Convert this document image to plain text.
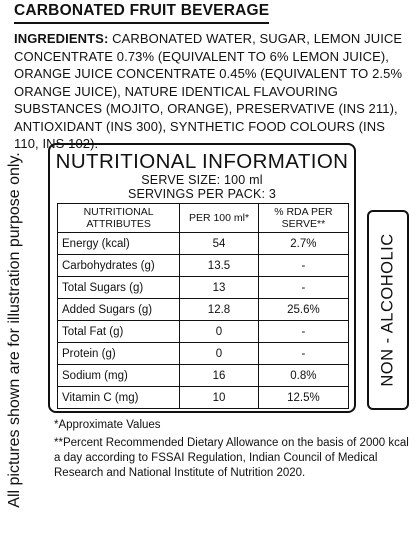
CARBONATED FRUIT BEVERAGE
INGREDIENTS: CARBONATED WATER, SUGAR, LEMON JUICE CONCENTRATE 0.73% (EQUIVALENT TO 6% LEMON JUICE), ORANGE JUICE CONCENTRATE 0.45% (EQUIVALENT TO 2.5% ORANGE JUICE), NATURE IDENTICAL FLAVOURING SUBSTANCES (MOJITO, ORANGE), PRESERVATIVE (INS 211), ANTIOXIDANT (INS 300), SYNTHETIC FOOD COLOURS (INS 110, INS 102).
All pictures shown are for illustration purpose only. NUTRITIONAL INFORMATION
SERVE SIZE: 100 ml
SERVINGS PER PACK: 3
NUTRITIONAL ATTRIBUTES	PER 100 ml*	% RDA PER SERVE**
Energy (kcal)	54	2.7%
Carbohydrates (g)	13.5	-
Total Sugars (g)	13	-
Added Sugars (g)	12.8	25.6%
Total Fat (g)	0	-
Protein (g)	0	-
Sodium (mg)	16	0.8%
Vitamin C (mg)	10	12.5%
NON - ALCOHOLIC

*Approximate Values

**Percent Recommended Dietary Allowance on the basis of 2000 kcal a day according to FSSAI Regulation, Indian Council of Medical Research and National Institute of Nutrition 2020.
